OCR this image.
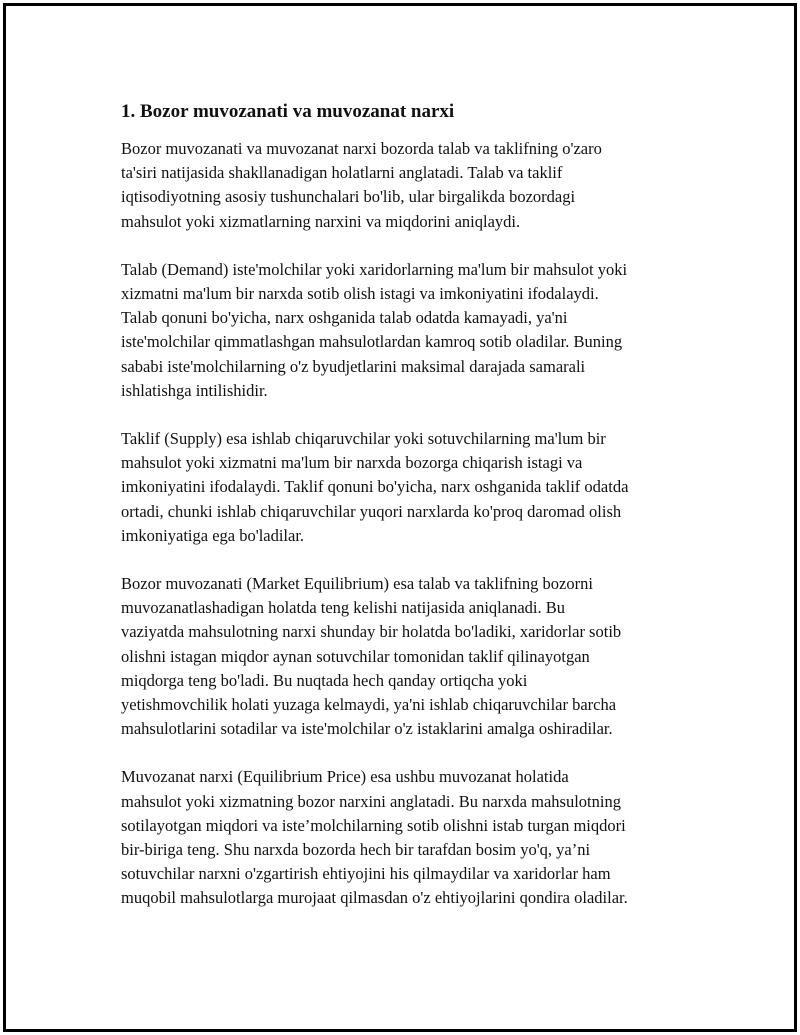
1. Bozor muvozanati va muvozanat narxi

Bozor muvozanati va muvozanat narxi bozorda talab va taklifning o'zaro
ta'siri natijasida shakllanadigan holatlarni anglatadi. Talab va taklif
iqtisodiyotning asosiy tushunchalari bo'lib, ular birgalikda bozordagi
mahsulot yoki xizmatlarning narxini va miqdorini aniqlaydi.

Talab (Demand) iste'molchilar yoki xaridorlarning ma'lum bir mahsulot yoki
xizmatni ma'lum bir narxda sotib olish istagi va imkoniyatini ifodalaydi.
Talab qonuni bo'yicha, narx oshganida talab odatda kamayadi, ya'ni
iste'molchilar qimmatlashgan mahsulotlardan kamroq sotib oladilar. Buning
sababi iste'molchilarning o'z byudjetlarini maksimal darajada samarali
ishlatishga intilishidir.

Taklif (Supply) esa ishlab chiqaruvchilar yoki sotuvchilarning ma'lum bir
mahsulot yoki xizmatni ma'lum bir narxda bozorga chiqarish istagi va
imkoniyatini ifodalaydi. Taklif qonuni bo'yicha, narx oshganida taklif odatda
ortadi, chunki ishlab chiqaruvchilar yuqori narxlarda ko'proq daromad olish
imkoniyatiga ega bo'ladilar.

Bozor muvozanati (Market Equilibrium) esa talab va taklifning bozorni
muvozanatlashadigan holatda teng kelishi natijasida aniqlanadi. Bu
vaziyatda mahsulotning narxi shunday bir holatda bo'ladiki, xaridorlar sotib
olishni istagan miqdor aynan sotuvchilar tomonidan taklif qilinayotgan
miqdorga teng bo'ladi. Bu nuqtada hech qanday ortiqcha yoki
yetishmovchilik holati yuzaga kelmaydi, ya'ni ishlab chiqaruvchilar barcha
mahsulotlarini sotadilar va iste'molchilar o'z istaklarini amalga oshiradilar.

Muvozanat narxi (Equilibrium Price) esa ushbu muvozanat holatida
mahsulot yoki xizmatning bozor narxini anglatadi. Bu narxda mahsulotning
sotilayotgan miqdori va iste’molchilarning sotib olishni istab turgan miqdori
bir-biriga teng. Shu narxda bozorda hech bir tarafdan bosim yo'q, ya’ni
sotuvchilar narxni o'zgartirish ehtiyojini his qilmaydilar va xaridorlar ham
muqobil mahsulotlarga murojaat qilmasdan o'z ehtiyojlarini qondira oladilar.
